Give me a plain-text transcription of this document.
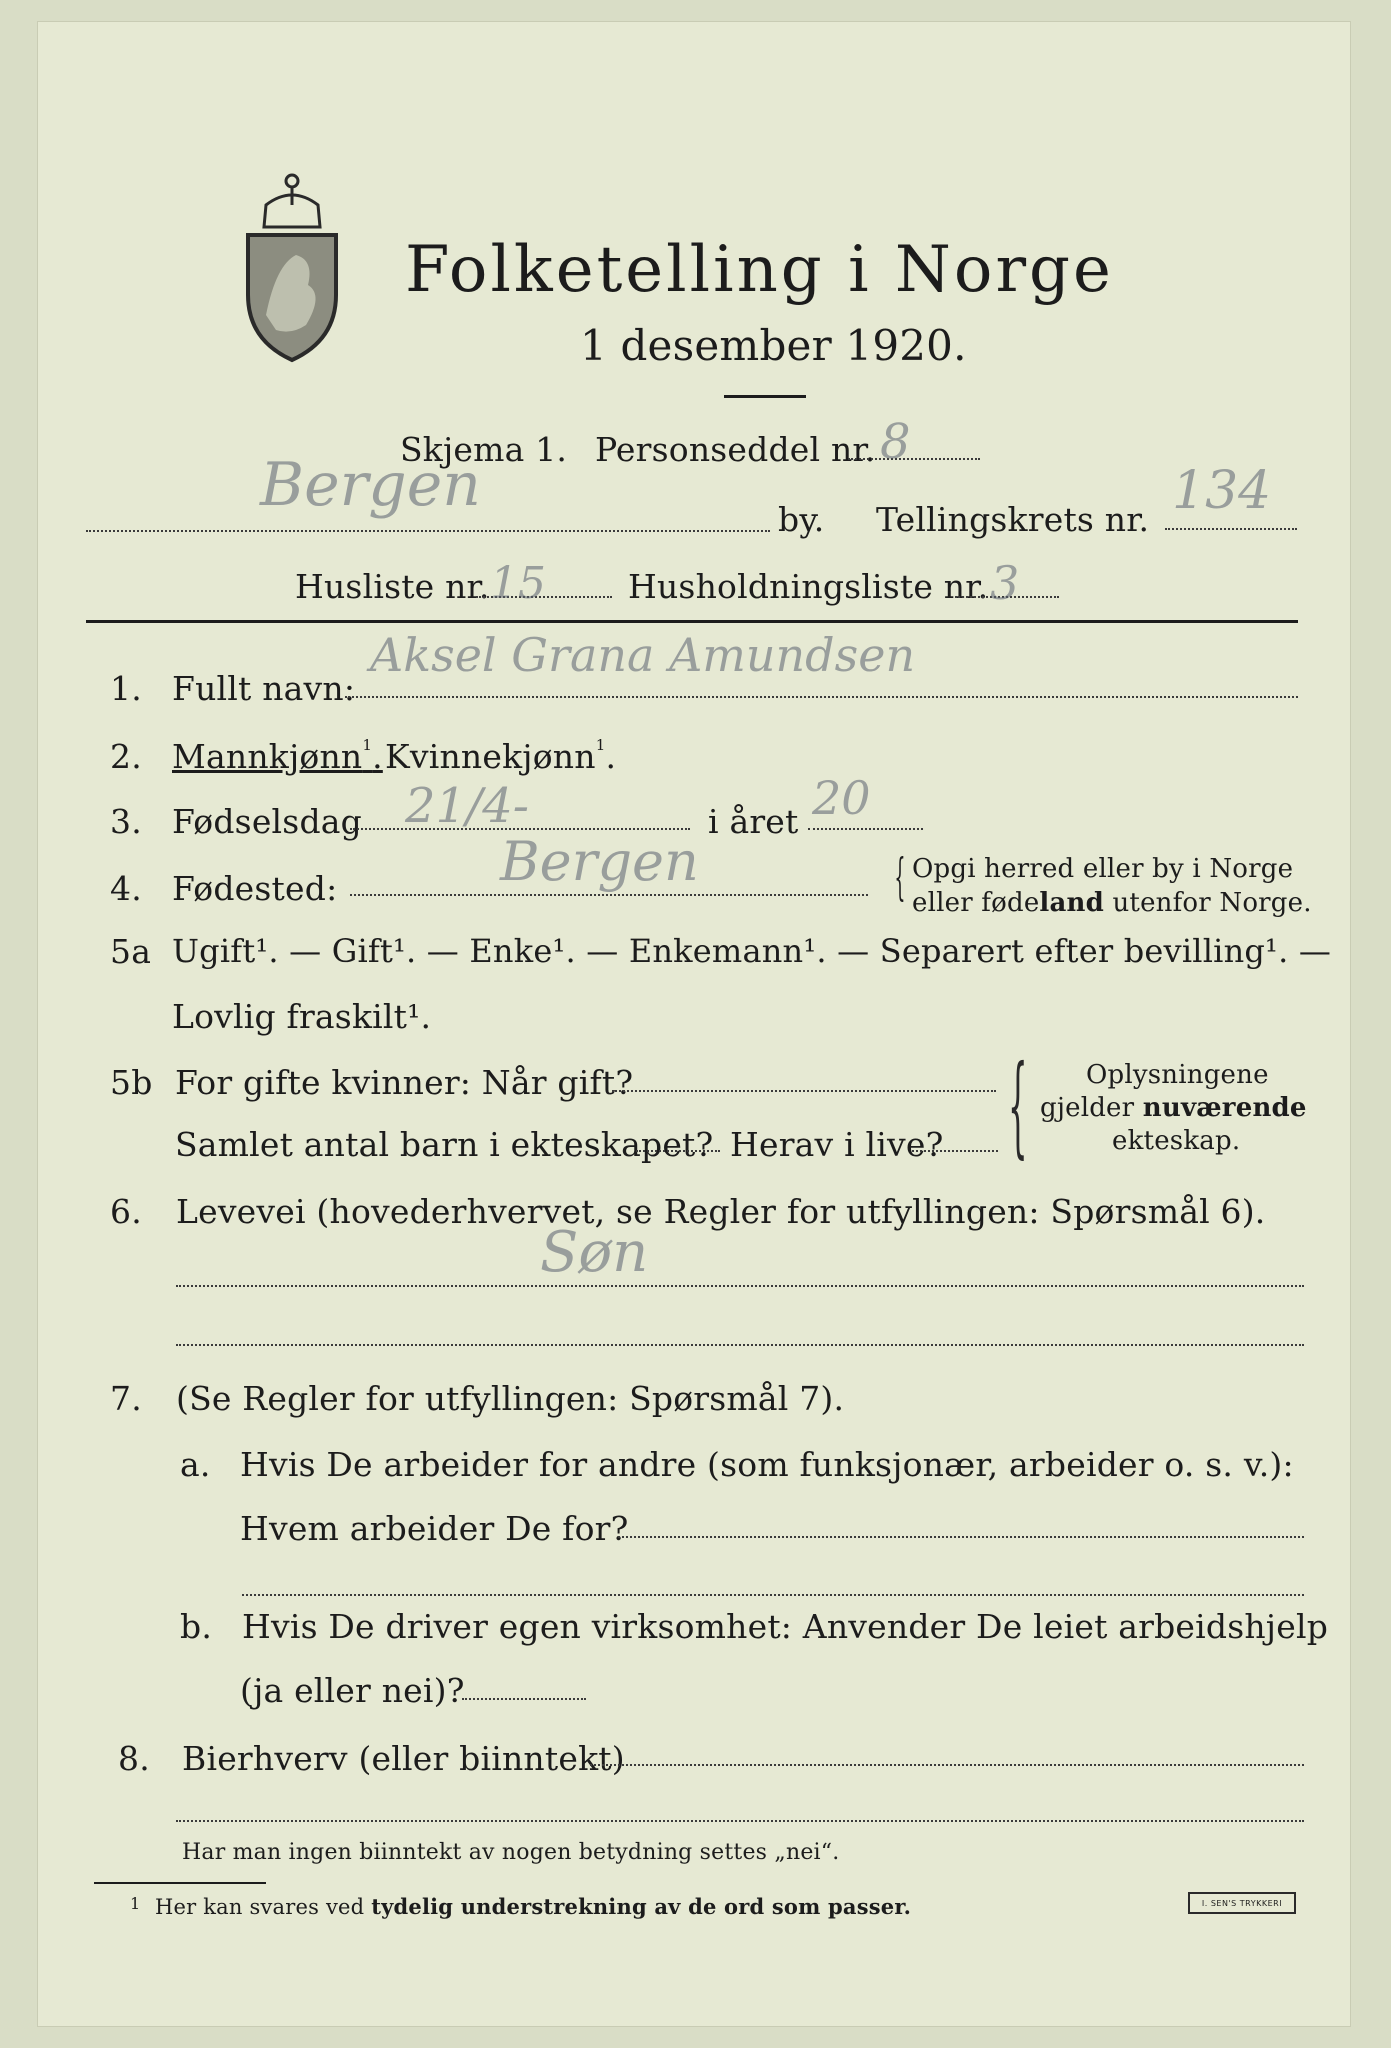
Folketelling i Norge
1 desember 1920.
Skjema 1. Personseddel nr. 8
Bergen	by. Tellingskrets nr. 134
Husliste nr. 15 Husholdningsliste nr. 3
1. Fullt navn:
Aksel Grana Amundsen
2. Mannkjønn$^1$. Kvinnekjønn$^1$.
3. Fødselsdag 21/4-	i året 20
4. Fødested:	Bergen	{ Opgi herred eller by i Norge
eller fødeland utenfor Norge.
5a Ugift¹. — Gift¹. — Enke¹. — Enkemann¹. — Separert efter bevilling¹. —
Lovlig fraskilt¹.
5b For gifte kvinner: Når gift?
Samlet antal barn i ekteskapet? Herav i live? { Oplysningene
gjelder nuværende
ekteskap.
6. Levevei (hovederhvervet, se Regler for utfyllingen: Spørsmål 6).
Søn
7. (Se Regler for utfyllingen: Spørsmål 7).
a. Hvis De arbeider for andre (som funksjonær, arbeider o. s. v.):
Hvem arbeider De for?
b. Hvis De driver egen virksomhet: Anvender De leiet arbeidshjelp
(ja eller nei)?
8. Bierhverv (eller biinntekt)
Har man ingen biinntekt av nogen betydning settes „nei“.
1 Her kan svares ved tydelig understrekning av de ord som passer.	I. SEN'S TRYKKERI
